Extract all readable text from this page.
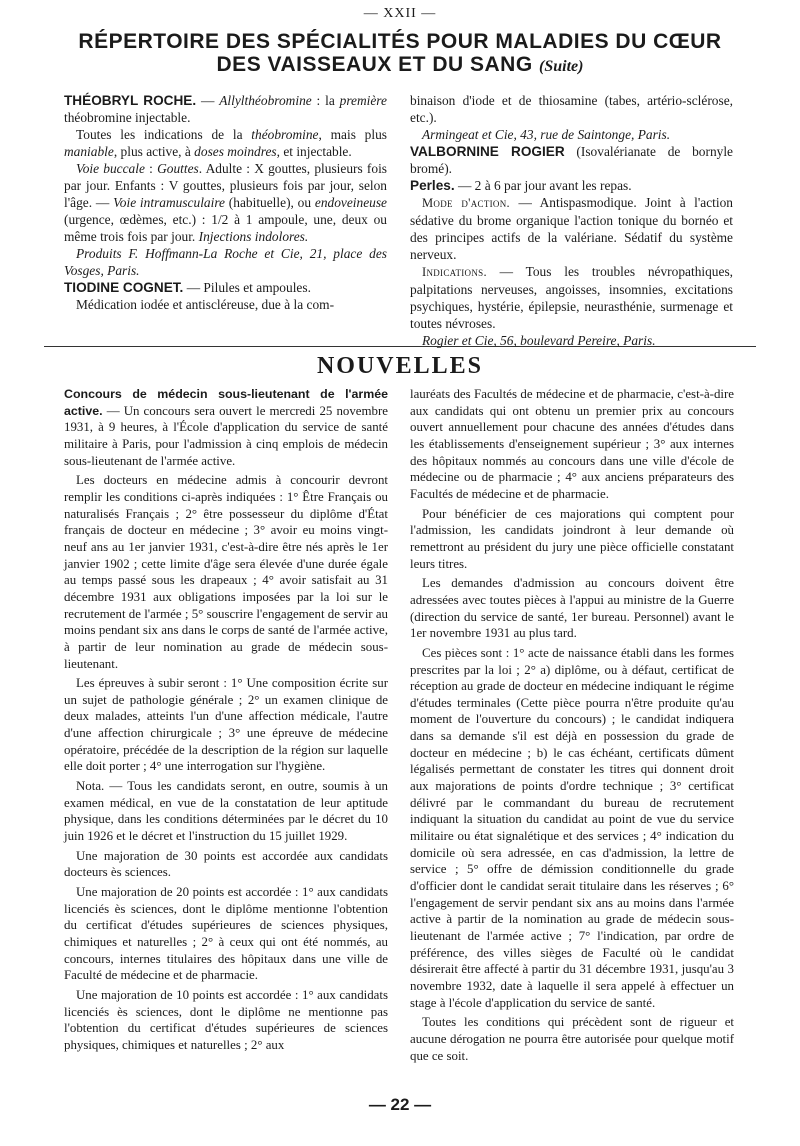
— XXII —
RÉPERTOIRE DES SPÉCIALITÉS POUR MALADIES DU CŒUR
DES VAISSEAUX ET DU SANG (Suite)

THÉOBRYL ROCHE. — Allylthéobromine : la première théobromine injectable.

Toutes les indications de la théobromine, mais plus maniable, plus active, à doses moindres, et injectable.

Voie buccale : Gouttes. Adulte : X gouttes, plusieurs fois par jour. Enfants : V gouttes, plusieurs fois par jour, selon l'âge. — Voie intramusculaire (habituelle), ou endoveineuse (urgence, œdèmes, etc.) : 1/2 à 1 ampoule, une, deux ou même trois fois par jour. Injections indolores.

Produits F. Hoffmann-La Roche et Cie, 21, place des Vosges, Paris.

TIODINE COGNET. — Pilules et ampoules.

Médication iodée et antiscléreuse, due à la com-

binaison d'iode et de thiosamine (tabes, artério-sclérose, etc.).

Armingeat et Cie, 43, rue de Saintonge, Paris.

VALBORNINE ROGIER (Isovalérianate de bornyle bromé).

Perles. — 2 à 6 par jour avant les repas.

Mode d'action. — Antispasmodique. Joint à l'action sédative du brome organique l'action tonique du bornéo et des principes actifs de la valériane. Sédatif du système nerveux.

Indications. — Tous les troubles névropathiques, palpitations nerveuses, angoisses, insomnies, excitations psychiques, hystérie, épilepsie, neurasthénie, surmenage et toutes névroses.

Rogier et Cie, 56, boulevard Pereire, Paris.

NOUVELLES

Concours de médecin sous-lieutenant de l'armée active. — Un concours sera ouvert le mercredi 25 novembre 1931, à 9 heures, à l'École d'application du service de santé militaire à Paris, pour l'admission à cinq emplois de médecin sous-lieutenant de l'armée active.

Les docteurs en médecine admis à concourir devront remplir les conditions ci-après indiquées : 1° Être Français ou naturalisés Français ; 2° être possesseur du diplôme d'État français de docteur en médecine ; 3° avoir eu moins vingt-neuf ans au 1er janvier 1931, c'est-à-dire être nés après le 1er janvier 1902 ; cette limite d'âge sera élevée d'une durée égale au temps passé sous les drapeaux ; 4° avoir satisfait au 31 décembre 1931 aux obligations imposées par la loi sur le recrutement de l'armée ; 5° souscrire l'engagement de servir au moins pendant six ans dans le corps de santé de l'armée active, à partir de leur nomination au grade de médecin sous-lieutenant.

Les épreuves à subir seront : 1° Une composition écrite sur un sujet de pathologie générale ; 2° un examen clinique de deux malades, atteints l'un d'une affection médicale, l'autre d'une affection chirurgicale ; 3° une épreuve de médecine opératoire, précédée de la description de la région sur laquelle elle doit porter ; 4° une interrogation sur l'hygiène.

Nota. — Tous les candidats seront, en outre, soumis à un examen médical, en vue de la constatation de leur aptitude physique, dans les conditions déterminées par le décret du 10 juin 1926 et le décret et l'instruction du 15 juillet 1929.

Une majoration de 30 points est accordée aux candidats docteurs ès sciences.

Une majoration de 20 points est accordée : 1° aux candidats licenciés ès sciences, dont le diplôme mentionne l'obtention du certificat d'études supérieures de sciences physiques, chimiques et naturelles ; 2° à ceux qui ont été nommés, au concours, internes titulaires des hôpitaux dans une ville de Faculté de médecine et de pharmacie.

Une majoration de 10 points est accordée : 1° aux candidats licenciés ès sciences, dont le diplôme ne mentionne pas l'obtention du certificat d'études supérieures de sciences physiques, chimiques et naturelles ; 2° aux

lauréats des Facultés de médecine et de pharmacie, c'est-à-dire aux candidats qui ont obtenu un premier prix au concours ouvert annuellement pour chacune des années d'études dans les établissements d'enseignement supérieur ; 3° aux internes des hôpitaux nommés au concours dans une ville d'école de médecine ou de pharmacie ; 4° aux anciens préparateurs des Facultés de médecine et de pharmacie.

Pour bénéficier de ces majorations qui comptent pour l'admission, les candidats joindront à leur demande où remettront au président du jury une pièce officielle constatant leurs titres.

Les demandes d'admission au concours doivent être adressées avec toutes pièces à l'appui au ministre de la Guerre (direction du service de santé, 1er bureau. Personnel) avant le 1er novembre 1931 au plus tard.

Ces pièces sont : 1° acte de naissance établi dans les formes prescrites par la loi ; 2° a) diplôme, ou à défaut, certificat de réception au grade de docteur en médecine indiquant le régime d'études terminales (Cette pièce pourra n'être produite qu'au moment de l'ouverture du concours) ; le candidat indiquera dans sa demande s'il est déjà en possession du grade de docteur en médecine ; b) le cas échéant, certificats dûment légalisés permettant de constater les titres qui donnent droit aux majorations de points d'ordre technique ; 3° certificat délivré par le commandant du bureau de recrutement indiquant la situation du candidat au point de vue du service militaire ou état signalétique et des services ; 4° indication du domicile où sera adressée, en cas d'admission, la lettre de service ; 5° offre de démission conditionnelle du grade d'officier dont le candidat serait titulaire dans les réserves ; 6° l'engagement de servir pendant six ans au moins dans l'armée active à partir de la nomination au grade de médecin sous-lieutenant de l'armée active ; 7° l'indication, par ordre de préférence, des villes sièges de Faculté où le candidat désirerait être affecté à partir du 31 décembre 1931, jusqu'au 3 novembre 1932, date à laquelle il sera appelé à effectuer un stage à l'école d'application du service de santé.

Toutes les conditions qui précèdent sont de rigueur et aucune dérogation ne pourra être autorisée pour quelque motif que ce soit.

— 22 —
